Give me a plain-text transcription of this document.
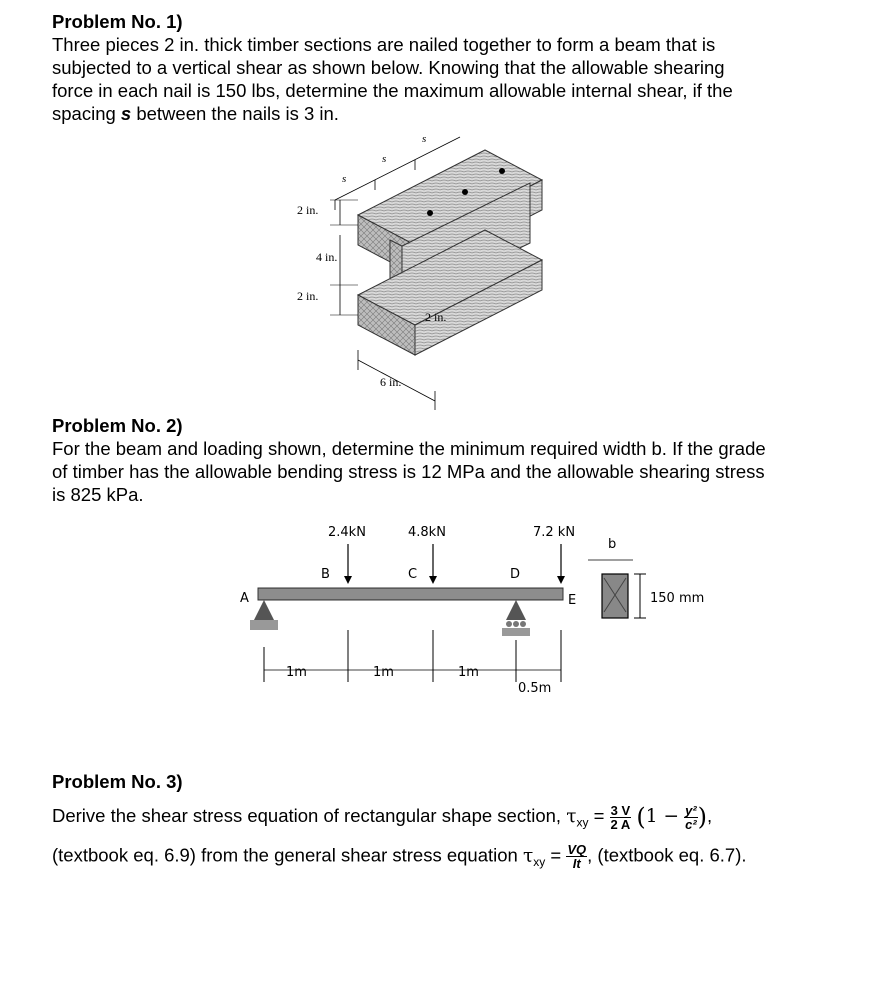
Problem No. 1)
Three pieces 2 in. thick timber sections are nailed together to form a beam that is
subjected to a vertical shear as shown below. Knowing that the allowable shearing
force in each nail is 150 lbs, determine the maximum allowable internal shear, if the
spacing s between the nails is 3 in.
s
s
s
2 in.
4 in.
2 in.
2 in.
6 in.
Problem No. 2)
For the beam and loading shown, determine the minimum required width b. If the grade
of timber has the allowable bending stress is 12 MPa and the allowable shearing stress
is 825 kPa.
2.4kN	4.8kN	7.2 kN
A
B	C	D
E
1m	1m	1m
0.5m
b
150 mm
Problem No. 3)
Derive the shear stress equation of rectangular shape section, $\tau_{xy} = \frac{3 V}{2 A} (1 - \frac{\text{y²}}{\text{c²}}$ ),
(textbook eq. 6.9) from the general shear stress equation $\tau_{xy} = \frac{VQ}{It}$ , (textbook eq. 6.7).
